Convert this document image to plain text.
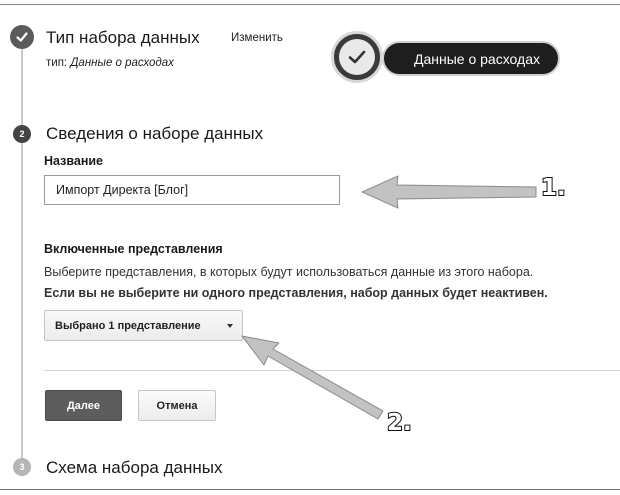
Тип набора данных	Изменить
тип: Данные о расходах	Данные о расходах
2	Сведения о наборе данных
Название
Импорт Директа [Блог]
Включенные представления
Выберите представления, в которых будут использоваться данные из этого набора.
Если вы не выберите ни одного представления, набор данных будет неактивен.
Выбрано 1 представление
Далее	Отмена
3	Схема набора данных
1.
2.
